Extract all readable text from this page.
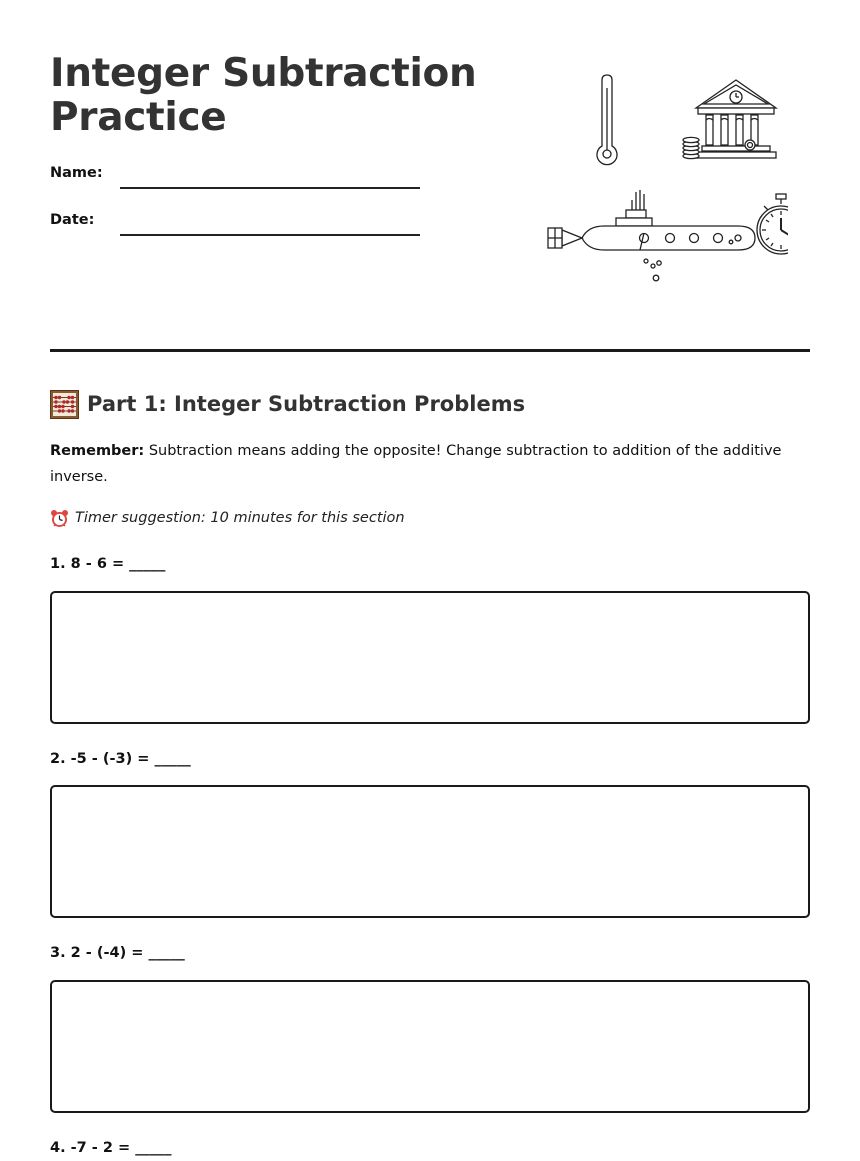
Integer Subtraction Practice
Name:
Date:
Part 1: Integer Subtraction Problems

Remember: Subtraction means adding the opposite! Change subtraction to addition of the additive inverse.

Timer suggestion: 10 minutes for this section

1. 8 - 6 = _____
2. -5 - (-3) = _____
3. 2 - (-4) = _____
4. -7 - 2 = _____
